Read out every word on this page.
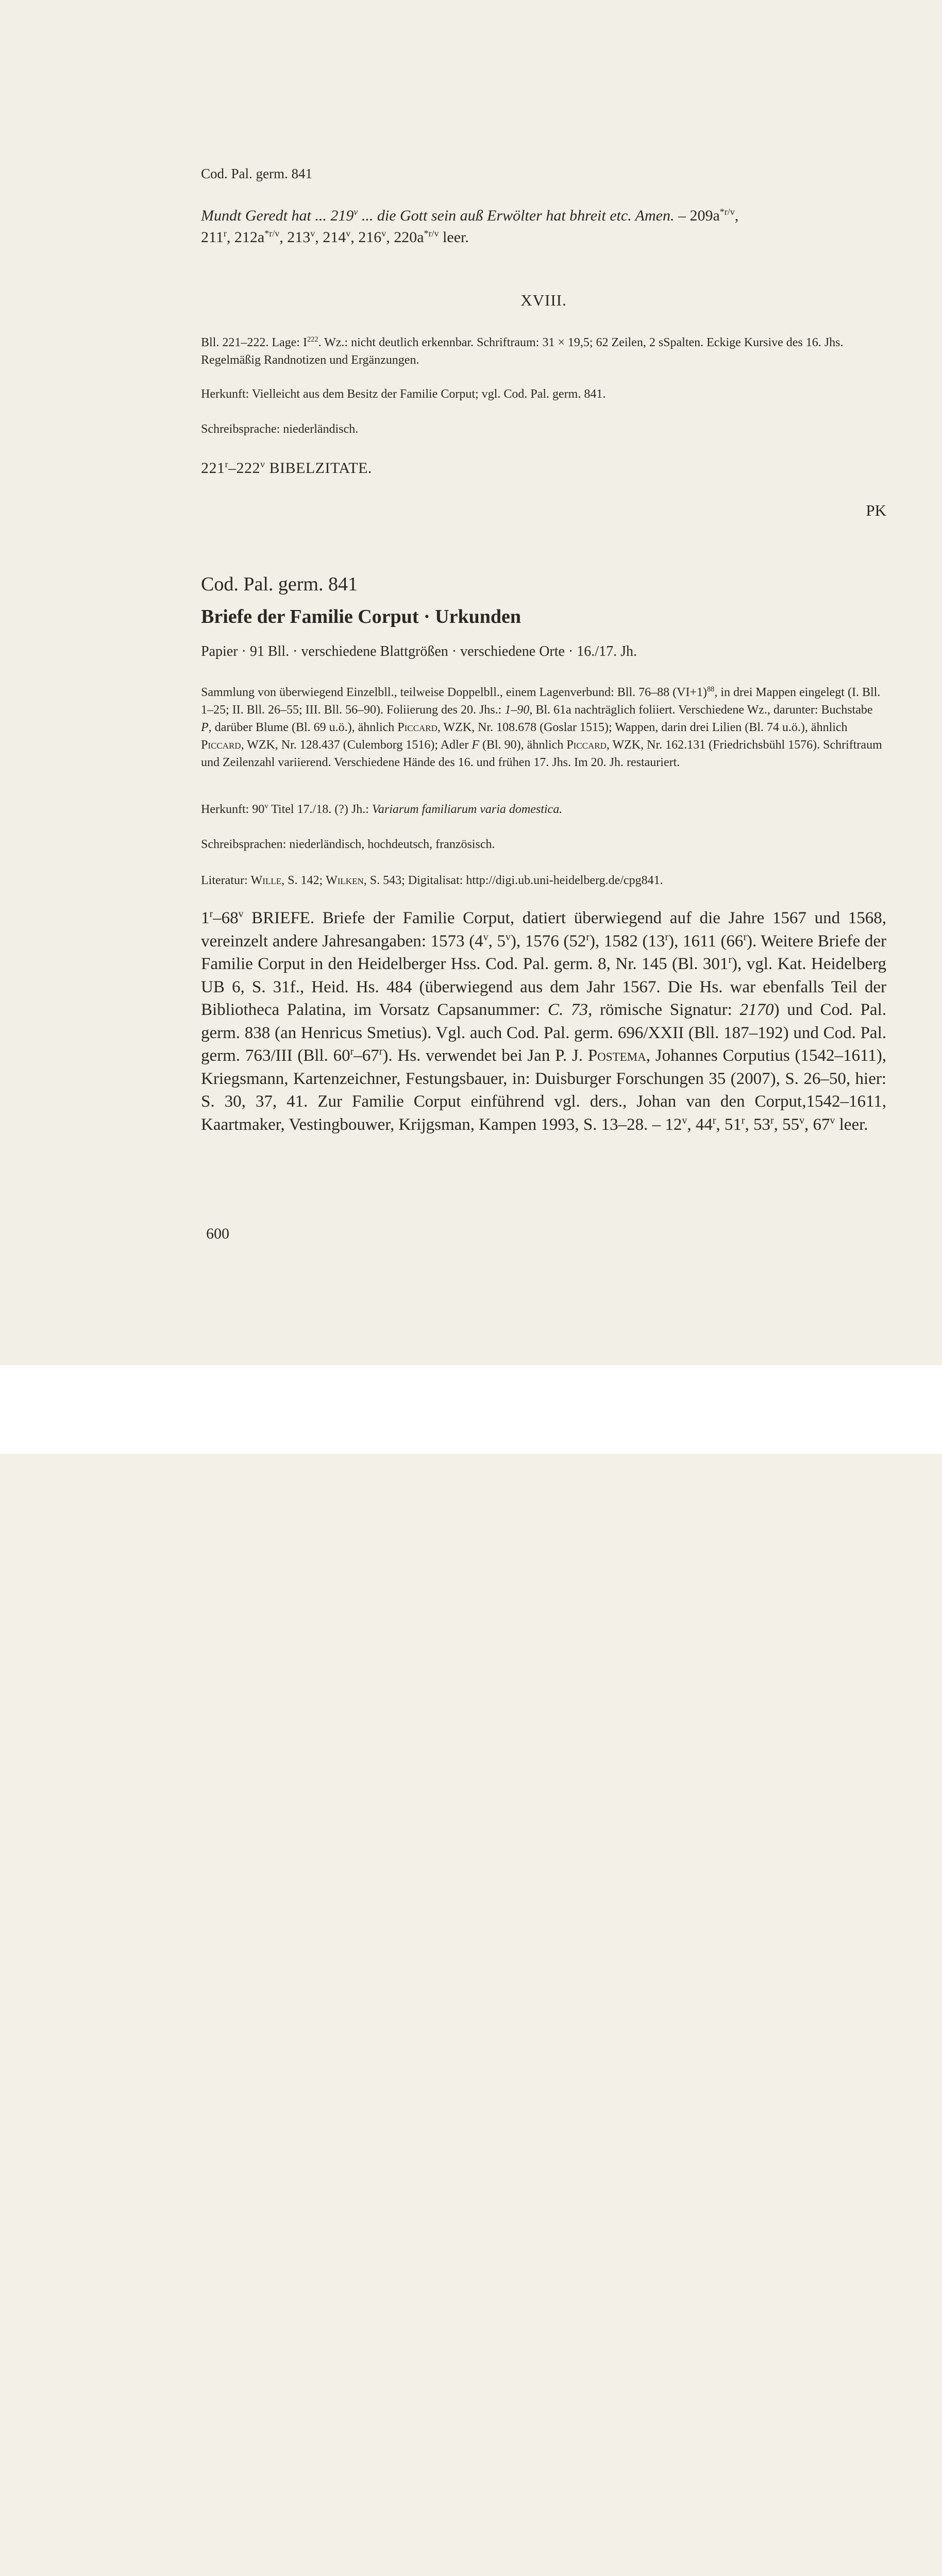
Cod. Pal. germ. 841
Mundt Geredt hat ... 219$^v$ ... die Gott sein auß Erwölter hat bhreit etc. Amen. – $209a^{*r/v}$,
211$^r$, $212a^{*r/v}$, 213$^v$, 214$^v$, 216$^v$, $220a^{*r/v}$ leer.
XVIII.
Bll. 221–222. Lage: $I^{222}$. Wz.: nicht deutlich erkennbar. Schriftraum: 31 × 19,5; 62 Zeilen, 2 sSpalten. Eckige Kursive des 16. Jhs. Regelmäßig Randnotizen und Ergänzungen.
Herkunft: Vielleicht aus dem Besitz der Familie Corput; vgl. Cod. Pal. germ. 841.
Schreibsprache: niederländisch.
221$^r$–222$^v$ BIBELZITATE.
PK
Cod. Pal. germ. 841
Briefe der Familie Corput · Urkunden
Papier · 91 Bll. · verschiedene Blattgrößen · verschiedene Orte · 16./17. Jh.
Sammlung von überwiegend Einzelbll., teilweise Doppelbll., einem Lagenverbund: Bll. 76–88 $(VI+1)^{88}$, in drei Mappen eingelegt (I. Bll. 1–25; II. Bll. 26–55; III. Bll. 56–90). Foliierung des 20. Jhs.: 1–90, Bl. 61a nachträglich foliiert. Verschiedene Wz., darunter: Buchstabe P, darüber Blume (Bl. 69 u.ö.), ähnlich Piccard, WZK, Nr. 108.678 (Goslar 1515); Wappen, darin drei Lilien (Bl. 74 u.ö.), ähnlich Piccard, WZK, Nr. 128.437 (Culemborg 1516); Adler F (Bl. 90), ähnlich Piccard, WZK, Nr. 162.131 (Friedrichsbühl 1576). Schriftraum und Zeilenzahl variierend. Verschiedene Hände des 16. und frühen 17. Jhs. Im 20. Jh. restauriert.
Herkunft: 90$^v$ Titel 17./18. (?) Jh.: Variarum familiarum varia domestica.
Schreibsprachen: niederländisch, hochdeutsch, französisch.
Literatur: Wille, S. 142; Wilken, S. 543; Digitalisat: http://digi.ub.uni-heidelberg.de/cpg841.
1$^r$–68$^v$ BRIEFE. Briefe der Familie Corput, datiert überwiegend auf die Jahre 1567 und 1568, vereinzelt andere Jahresangaben: 1573 (4$^v$, 5$^v$), 1576 (52$^r$), 1582 (13$^r$), 1611 (66$^r$). Weitere Briefe der Familie Corput in den Heidelberger Hss. Cod. Pal. germ. 8, Nr. 145 (Bl. 301$^r$), vgl. Kat. Heidelberg UB 6, S. 31f., Heid. Hs. 484 (überwiegend aus dem Jahr 1567. Die Hs. war ebenfalls Teil der Bibliotheca Palatina, im Vorsatz Capsanummer: C. 73, römische Signatur: 2170) und Cod. Pal. germ. 838 (an Henricus Smetius). Vgl. auch Cod. Pal. germ. 696/XXII (Bll. 187–192) und Cod. Pal. germ. 763/III (Bll. 60$^r$–67$^r$). Hs. verwendet bei Jan P. J. Postema, Johannes Corputius (1542–1611), Kriegsmann, Kartenzeichner, Festungsbauer, in: Duisburger Forschungen 35 (2007), S. 26–50, hier: S. 30, 37, 41. Zur Familie Corput einführend vgl. ders., Johan van den Corput,1542–1611, Kaartmaker, Vestingbouwer, Krijgsman, Kampen 1993, S. 13–28. – 12$^v$, 44$^r$, 51$^r$, 53$^r$, 55$^v$, 67$^v$ leer.
600
